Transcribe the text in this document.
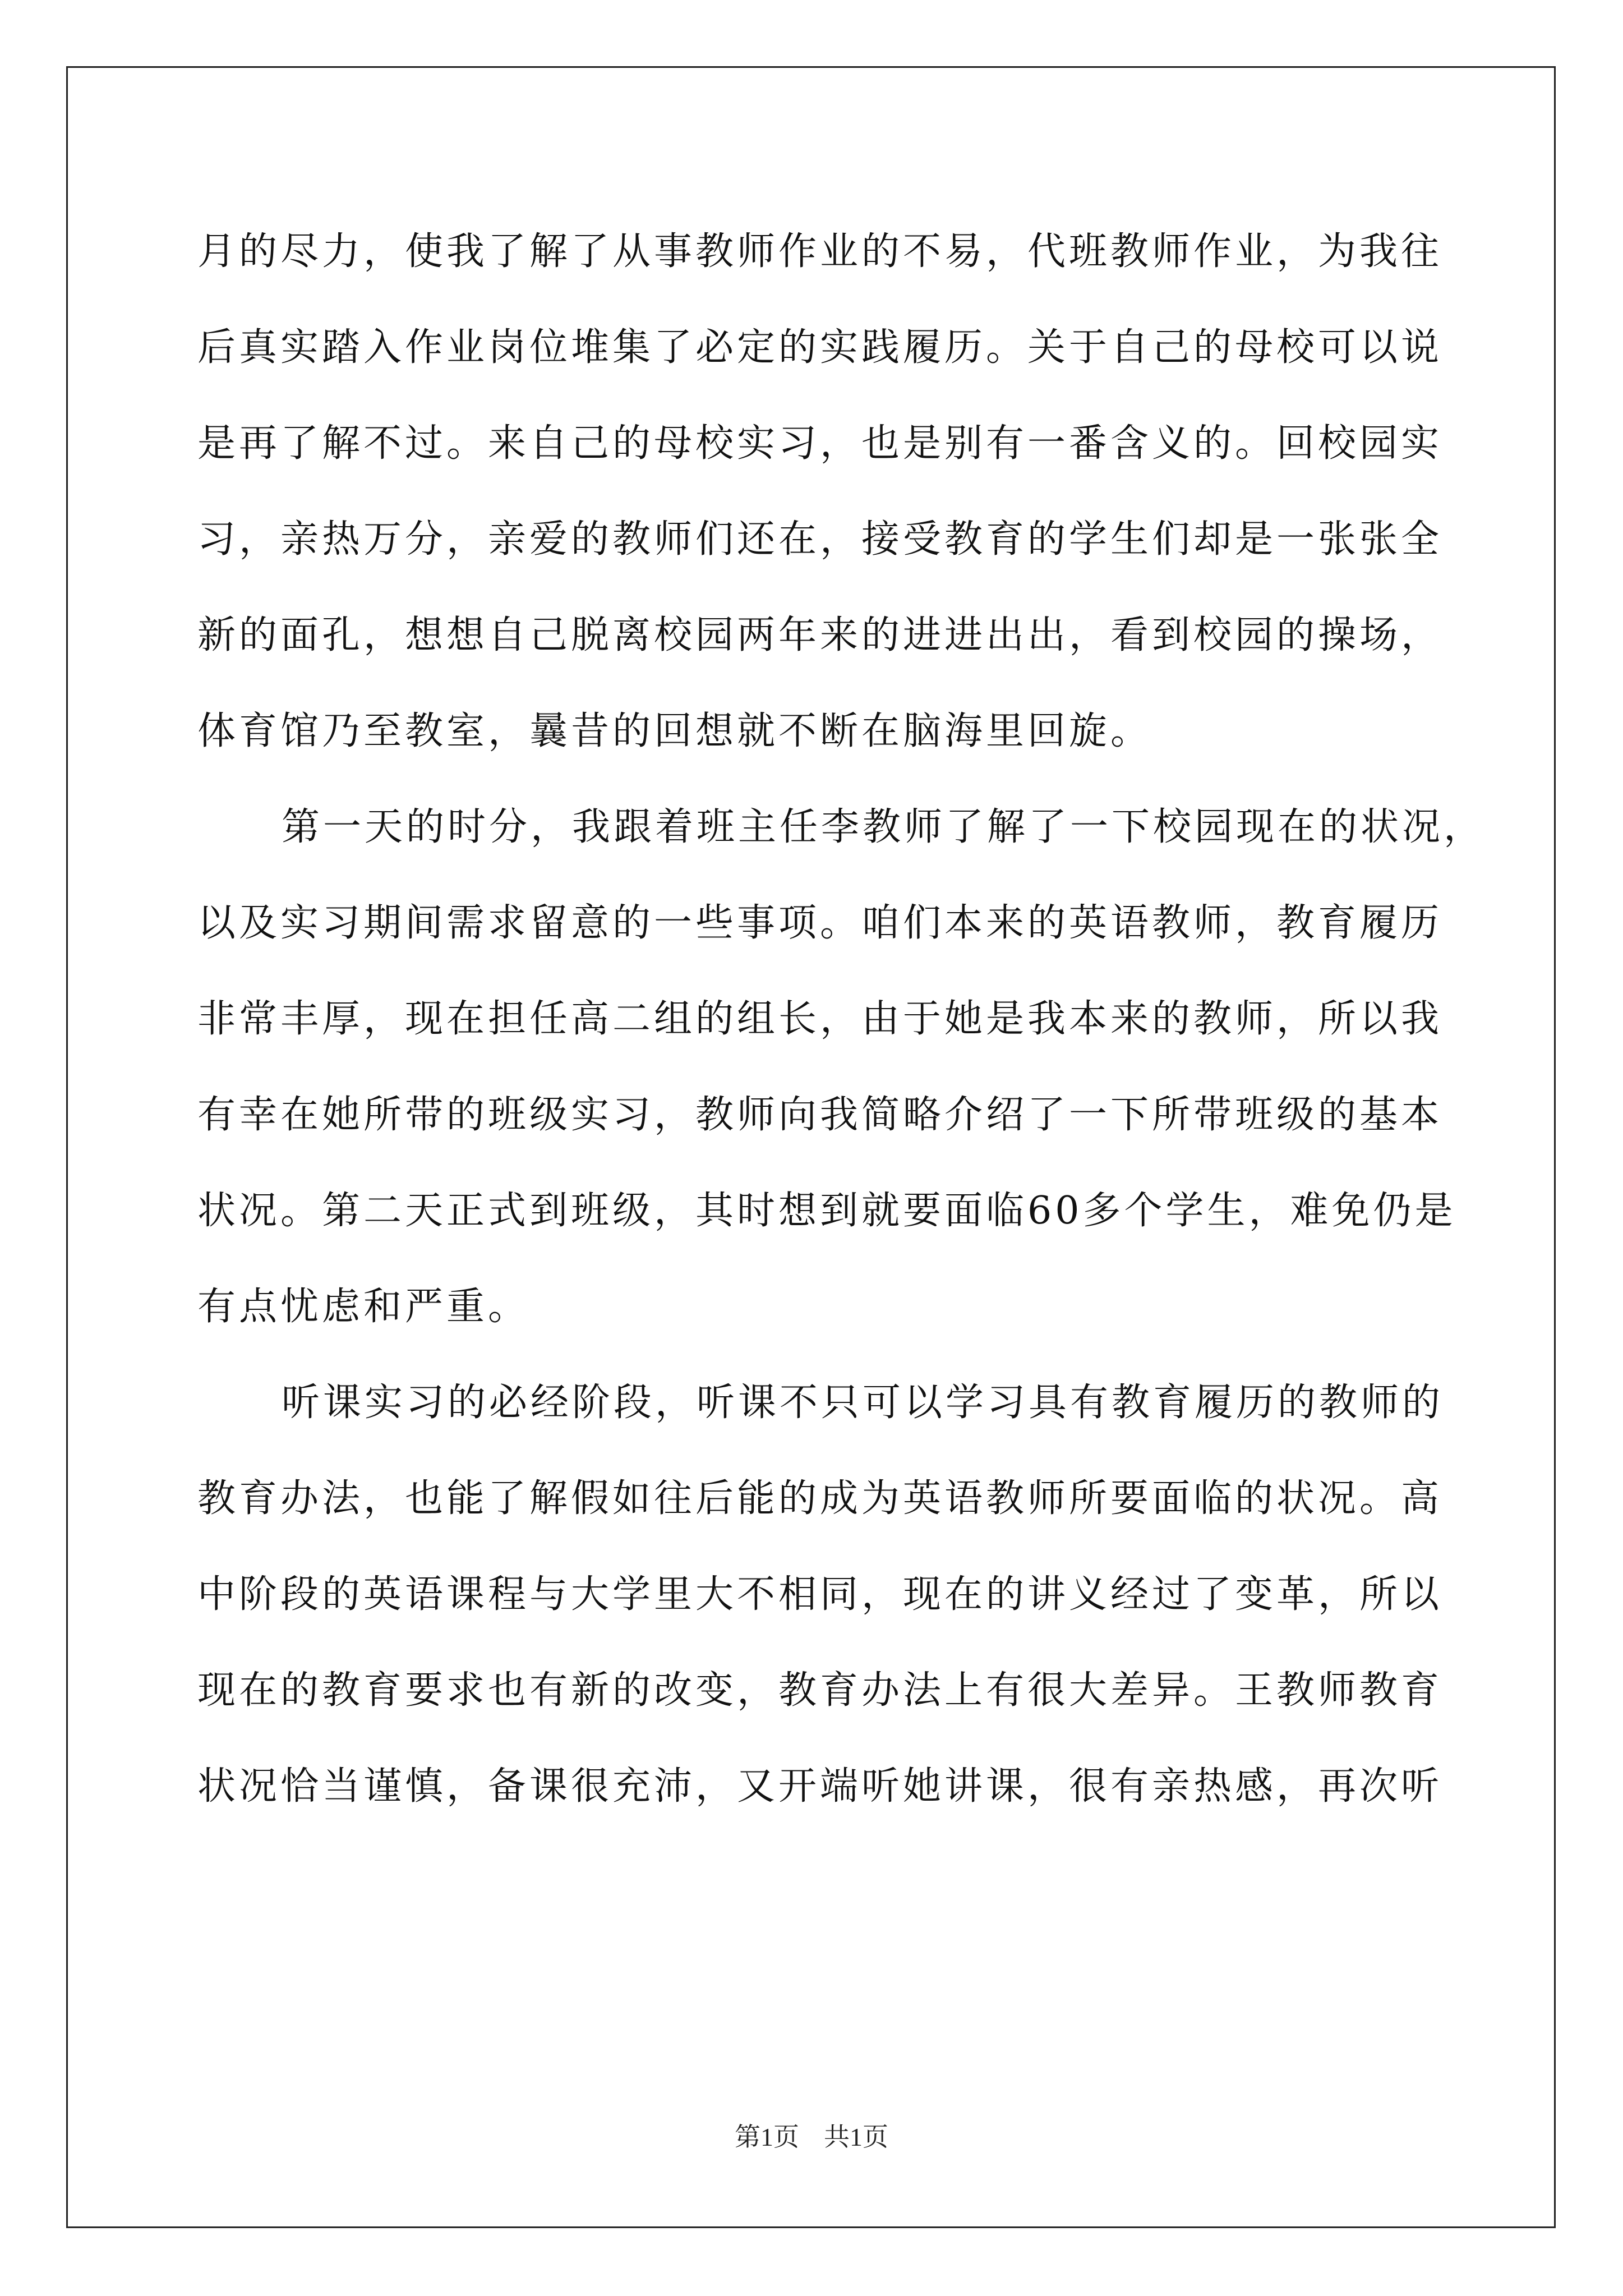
月的尽力，使我了解了从事教师作业的不易，代班教师作业，为我往
后真实踏入作业岗位堆集了必定的实践履历。关于自己的母校可以说
是再了解不过。来自己的母校实习，也是别有一番含义的。回校园实
习，亲热万分，亲爱的教师们还在，接受教育的学生们却是一张张全
新的面孔，想想自己脱离校园两年来的进进出出，看到校园的操场，
体育馆乃至教室，曩昔的回想就不断在脑海里回旋。
第一天的时分，我跟着班主任李教师了解了一下校园现在的状况，
以及实习期间需求留意的一些事项。咱们本来的英语教师，教育履历
非常丰厚，现在担任高二组的组长，由于她是我本来的教师，所以我
有幸在她所带的班级实习，教师向我简略介绍了一下所带班级的基本
状况。第二天正式到班级，其时想到就要面临60多个学生，难免仍是
有点忧虑和严重。
听课实习的必经阶段，听课不只可以学习具有教育履历的教师的
教育办法，也能了解假如往后能的成为英语教师所要面临的状况。高
中阶段的英语课程与大学里大不相同，现在的讲义经过了变革，所以
现在的教育要求也有新的改变，教育办法上有很大差异。王教师教育
状况恰当谨慎，备课很充沛，又开端听她讲课，很有亲热感，再次听
第1页 共1页
